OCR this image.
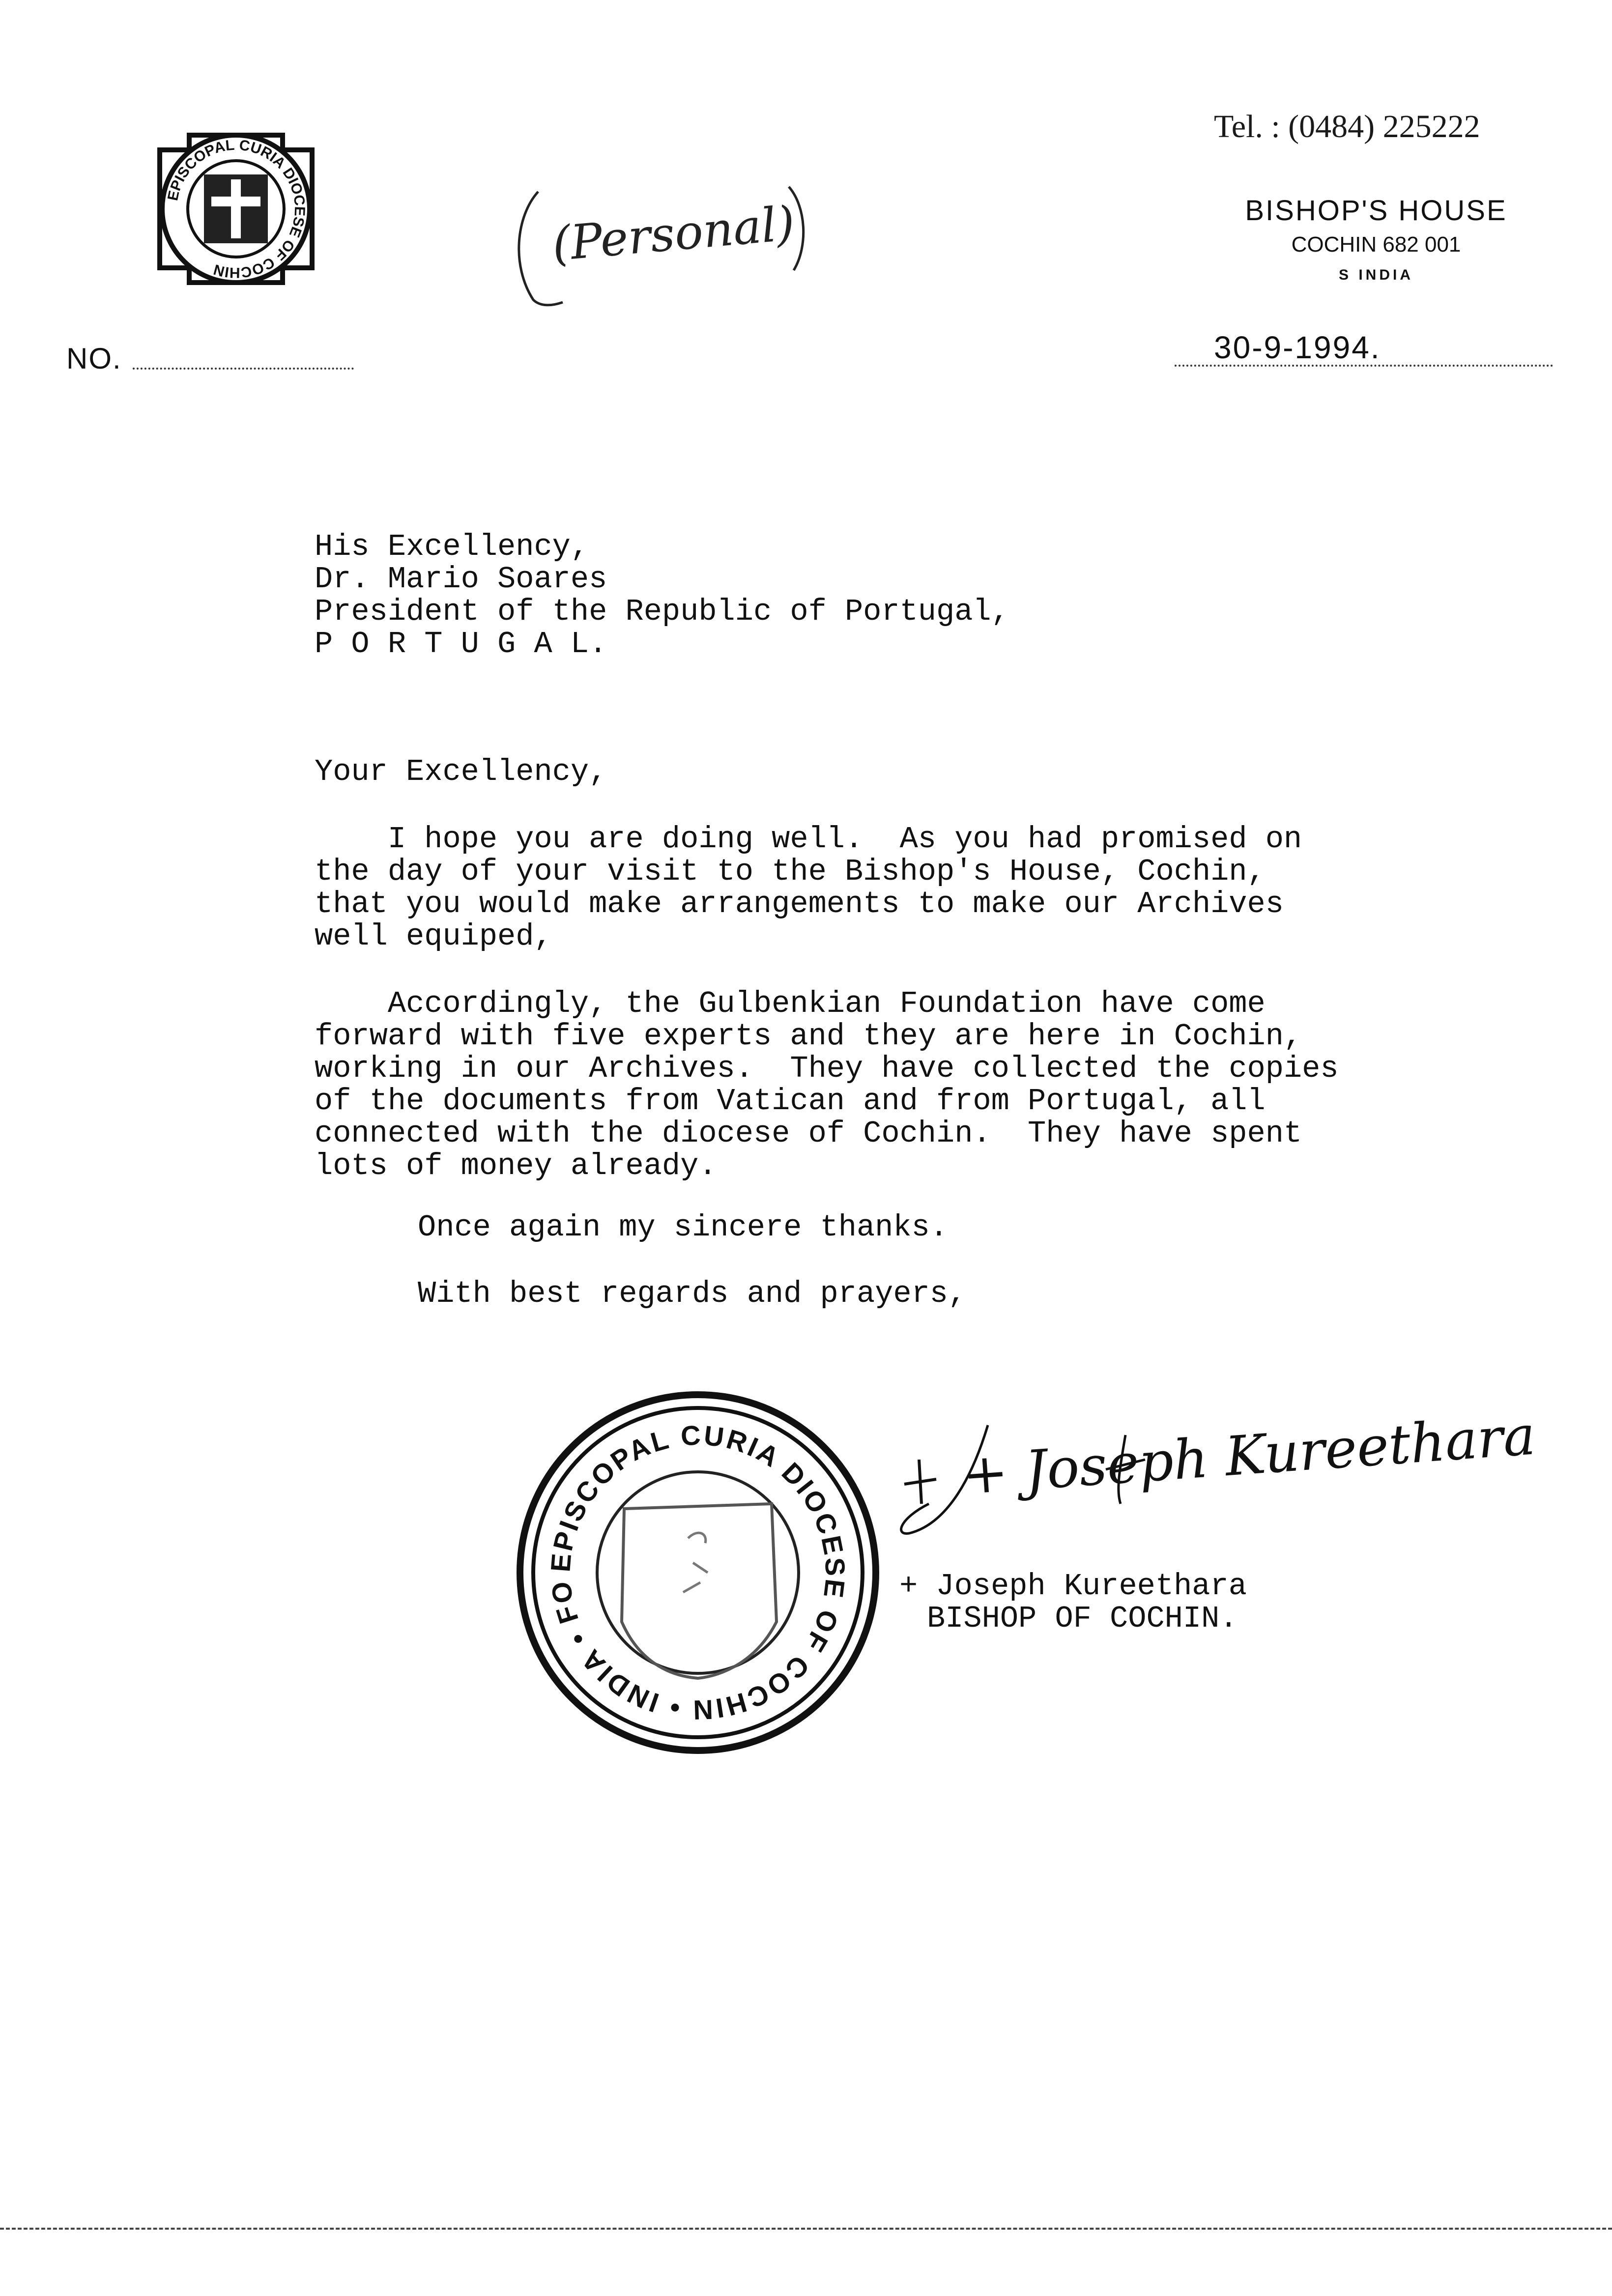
EPISCOPAL CURIA DIOCESE OF COCHIN
Tel. : (0484) 225222
BISHOP'S HOUSE
COCHIN 682 001
S INDIA
30-9-1994.
NO.
(Personal)
His Excellency,
Dr. Mario Soares
President of the Republic of Portugal,
P O R T U G A L.
Your Excellency,
I hope you are doing well.  As you had promised on
the day of your visit to the Bishop's House, Cochin,
that you would make arrangements to make our Archives
well equiped,
Accordingly, the Gulbenkian Foundation have come
forward with five experts and they are here in Cochin,
working in our Archives.  They have collected the copies
of the documents from Vatican and from Portugal, all
connected with the diocese of Cochin.  They have spent
lots of money already.
Once again my sincere thanks.
With best regards and prayers,
EPISCOPAL CURIA DIOCESE OF COCHIN • INDIA • FO
+ Joseph Kureethara
+ Joseph Kureethara
BISHOP OF COCHIN.
